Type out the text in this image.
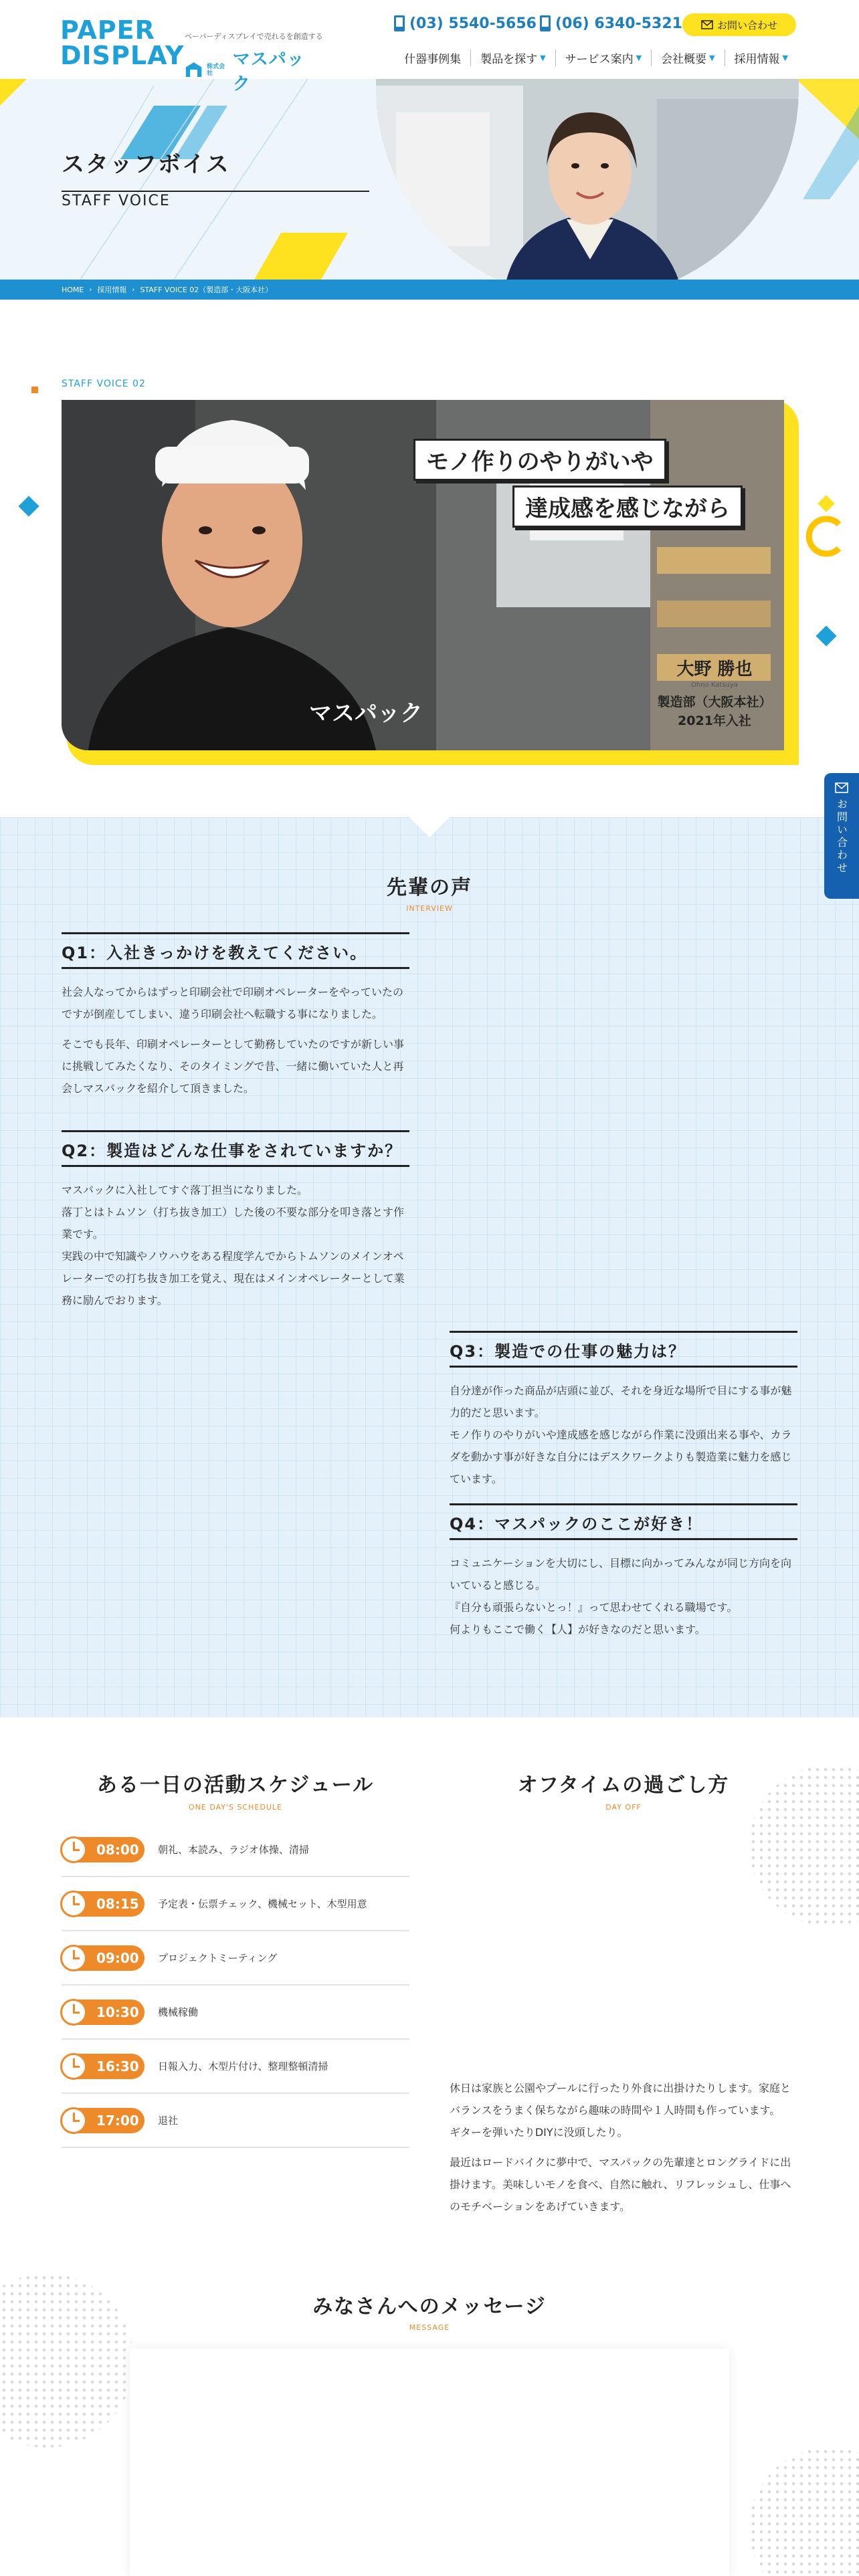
PAPER
DISPLAY
ペーパーディスプレイで売れるを創造する
株式会社
マスパック
(03) 5540-5656 (06) 6340-5321	お問い合わせ
什器事例集 製品を探す ▼ サービス案内 ▼ 会社概要 ▼ 採用情報 ▼
スタッフボイス
STAFF VOICE
HOME › 採用情報 › STAFF VOICE 02（製造部・大阪本社）
STAFF VOICE 02
マスパック
モノ作りのやりがいや
達成感を感じながら
大野 勝也
Ohno Katsuya
製造部（大阪本社）
2021年入社
先輩の声
INTERVIEW
Q1：入社きっかけを教えてください。

社会人なってからはずっと印刷会社で印刷オペレーターをやっていたのですが倒産してしまい、違う印刷会社へ転職する事になりました。

そこでも長年、印刷オペレーターとして勤務していたのですが新しい事に挑戦してみたくなり、そのタイミングで昔、一緒に働いていた人と再会しマスパックを紹介して頂きました。

Q2：製造はどんな仕事をされていますか？
マスパックに入社してすぐ落丁担当になりました。
落丁とはトムソン（打ち抜き加工）した後の不要な部分を叩き落とす作業です。
実践の中で知識やノウハウをある程度学んでからトムソンのメインオペレーターでの打ち抜き加工を覚え、現在はメインオペレーターとして業務に励んでおります。
Q3：製造での仕事の魅力は？
自分達が作った商品が店頭に並び、それを身近な場所で目にする事が魅力的だと思います。
モノ作りのやりがいや達成感を感じながら作業に没頭出来る事や、カラダを動かす事が好きな自分にはデスクワークよりも製造業に魅力を感じています。
Q4：マスパックのここが好き！
コミュニケーションを大切にし、目標に向かってみんなが同じ方向を向いていると感じる。
『自分も頑張らないとっ！』って思わせてくれる職場です。
何よりもここで働く【人】が好きなのだと思います。
ある一日の活動スケジュール
ONE DAY'S SCHEDULE
08:00 朝礼、本読み、ラジオ体操、清掃
08:15 予定表・伝票チェック、機械セット、木型用意
09:00 プロジェクトミーティング
10:30 機械稼働
16:30 日報入力、木型片付け、整理整頓清掃
17:00 退社
オフタイムの過ごし方
DAY OFF

休日は家族と公園やプールに行ったり外食に出掛けたりします。家庭とバランスをうまく保ちながら趣味の時間や１人時間も作っています。
ギターを弾いたりDIYに没頭したり。

最近はロードバイクに夢中で、マスパックの先輩達とロングライドに出掛けます。美味しいモノを食べ、自然に触れ、リフレッシュし、仕事へのモチベーションをあげていきます。

みなさんへのメッセージ
MESSAGE
お問い合わせ
